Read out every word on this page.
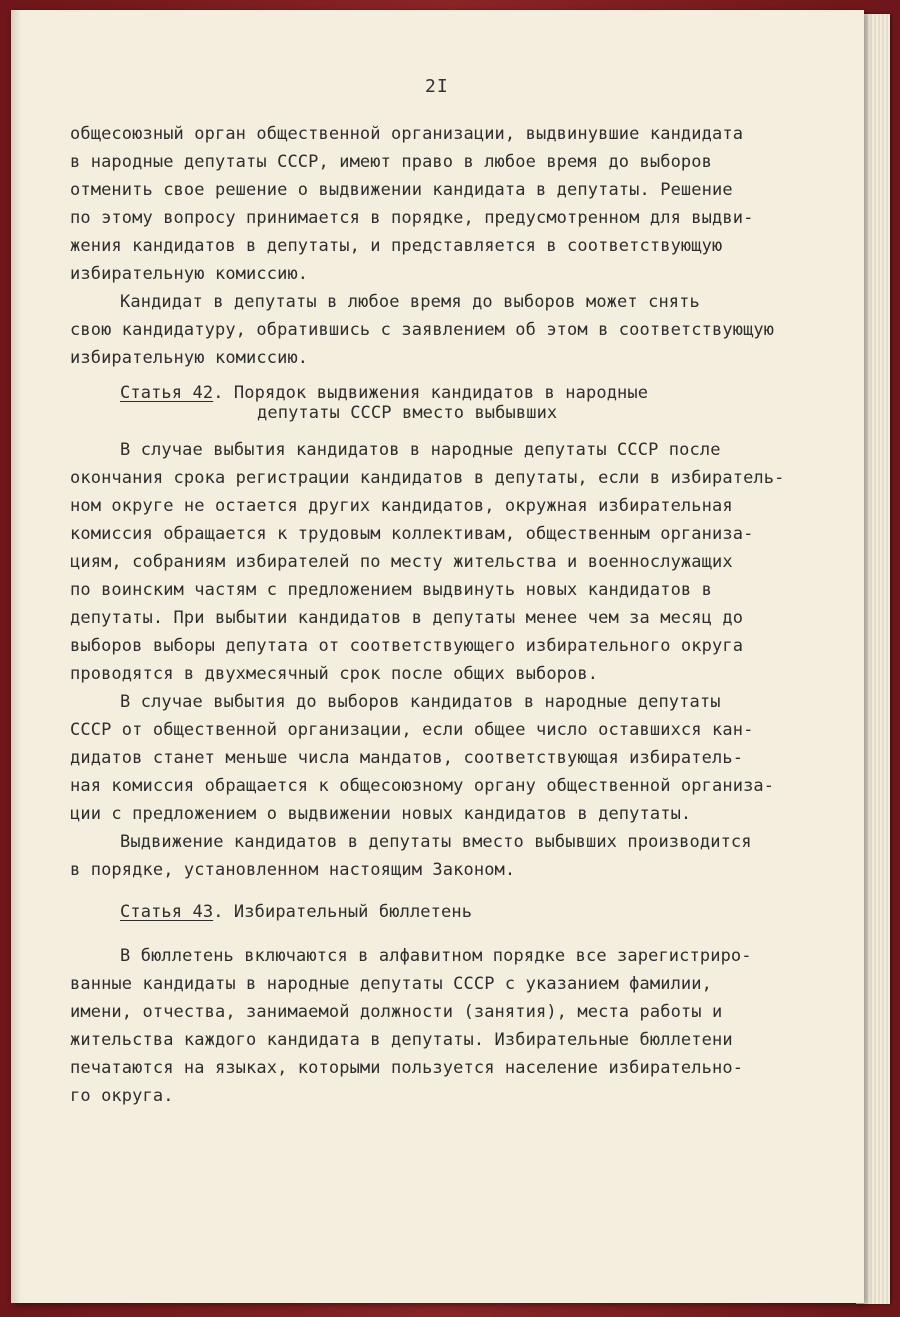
2I
общесоюзный орган общественной организации, выдвинувшие кандидата
в народные депутаты СССР, имеют право в любое время до выборов
отменить свое решение о выдвижении кандидата в депутаты. Решение
по этому вопросу принимается в порядке, предусмотренном для выдви-
жения кандидатов в депутаты, и представляется в соответствующую
избирательную комиссию.
Кандидат в депутаты в любое время до выборов может снять
свою кандидатуру, обратившись с заявлением об этом в соответствующую
избирательную комиссию.
Статья 42. Порядок выдвижения кандидатов в народные
депутаты СССР вместо выбывших
В случае выбытия кандидатов в народные депутаты СССР после
окончания срока регистрации кандидатов в депутаты, если в избиратель-
ном округе не остается других кандидатов, окружная избирательная
комиссия обращается к трудовым коллективам, общественным организа-
циям, собраниям избирателей по месту жительства и военнослужащих
по воинским частям с предложением выдвинуть новых кандидатов в
депутаты. При выбытии кандидатов в депутаты менее чем за месяц до
выборов выборы депутата от соответствующего избирательного округа
проводятся в двухмесячный срок после общих выборов.
В случае выбытия до выборов кандидатов в народные депутаты
СССР от общественной организации, если общее число оставшихся кан-
дидатов станет меньше числа мандатов, соответствующая избиратель-
ная комиссия обращается к общесоюзному органу общественной организа-
ции с предложением о выдвижении новых кандидатов в депутаты.
Выдвижение кандидатов в депутаты вместо выбывших производится
в порядке, установленном настоящим Законом.
Статья 43. Избирательный бюллетень
В бюллетень включаются в алфавитном порядке все зарегистриро-
ванные кандидаты в народные депутаты СССР с указанием фамилии,
имени, отчества, занимаемой должности (занятия), места работы и
жительства каждого кандидата в депутаты. Избирательные бюллетени
печатаются на языках, которыми пользуется население избирательно-
го округа.
